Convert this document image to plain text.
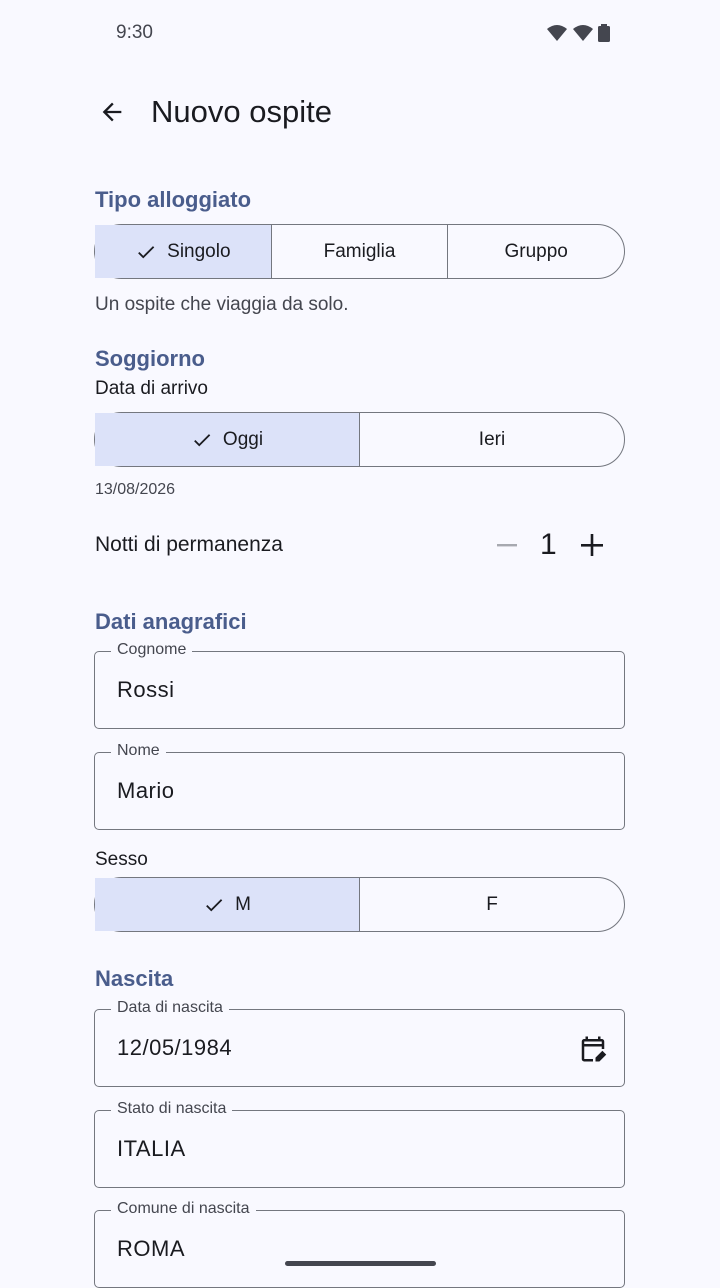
9:30
Nuovo ospite
Tipo alloggiato
Singolo	Famiglia	Gruppo
Un ospite che viaggia da solo.
Soggiorno
Data di arrivo
Oggi	Ieri
13/08/2026
Notti di permanenza	1
Dati anagrafici
Cognome
Rossi
Nome
Mario
Sesso
M	F
Nascita
Data di nascita
12/05/1984
Stato di nascita
ITALIA
Comune di nascita
ROMA
